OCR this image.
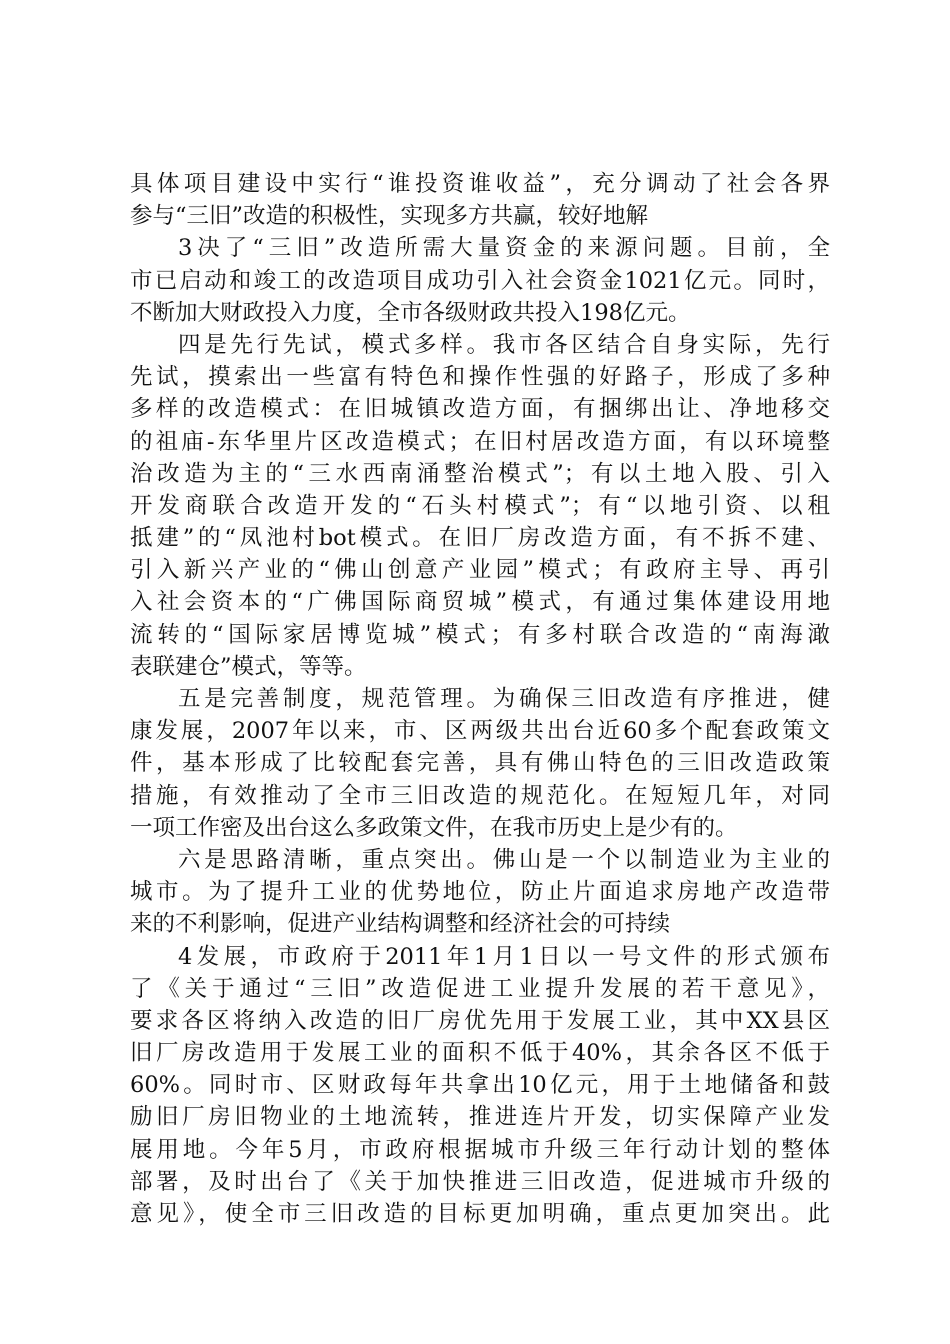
具体项目建设中实行“谁投资谁收益”，充分调动了社会各界
参与“三旧”改造的积极性，实现多方共赢，较好地解
3决了“三旧”改造所需大量资金的来源问题。目前，全
市已启动和竣工的改造项目成功引入社会资金1021亿元。同时，
不断加大财政投入力度，全市各级财政共投入198亿元。
四是先行先试，模式多样。我市各区结合自身实际，先行
先试，摸索出一些富有特色和操作性强的好路子，形成了多种
多样的改造模式：在旧城镇改造方面，有捆绑出让、净地移交
的祖庙-东华里片区改造模式；在旧村居改造方面，有以环境整
治改造为主的“三水西南涌整治模式”；有以土地入股、引入
开发商联合改造开发的“石头村模式”；有“以地引资、以租
抵建”的“凤池村bot模式。在旧厂房改造方面，有不拆不建、
引入新兴产业的“佛山创意产业园”模式；有政府主导、再引
入社会资本的“广佛国际商贸城”模式，有通过集体建设用地
流转的“国际家居博览城”模式；有多村联合改造的“南海澉
表联建仓”模式，等等。
五是完善制度，规范管理。为确保三旧改造有序推进，健
康发展，2007年以来，市、区两级共出台近60多个配套政策文
件，基本形成了比较配套完善，具有佛山特色的三旧改造政策
措施，有效推动了全市三旧改造的规范化。在短短几年，对同
一项工作密及出台这么多政策文件，在我市历史上是少有的。
六是思路清晰，重点突出。佛山是一个以制造业为主业的
城市。为了提升工业的优势地位，防止片面追求房地产改造带
来的不利影响，促进产业结构调整和经济社会的可持续
4发展，市政府于2011年1月1日以一号文件的形式颁布
了《关于通过“三旧”改造促进工业提升发展的若干意见》，
要求各区将纳入改造的旧厂房优先用于发展工业，其中XX县区
旧厂房改造用于发展工业的面积不低于40%，其余各区不低于
60%。同时市、区财政每年共拿出10亿元，用于土地储备和鼓
励旧厂房旧物业的土地流转，推进连片开发，切实保障产业发
展用地。今年5月，市政府根据城市升级三年行动计划的整体
部署，及时出台了《关于加快推进三旧改造，促进城市升级的
意见》，使全市三旧改造的目标更加明确，重点更加突出。此
